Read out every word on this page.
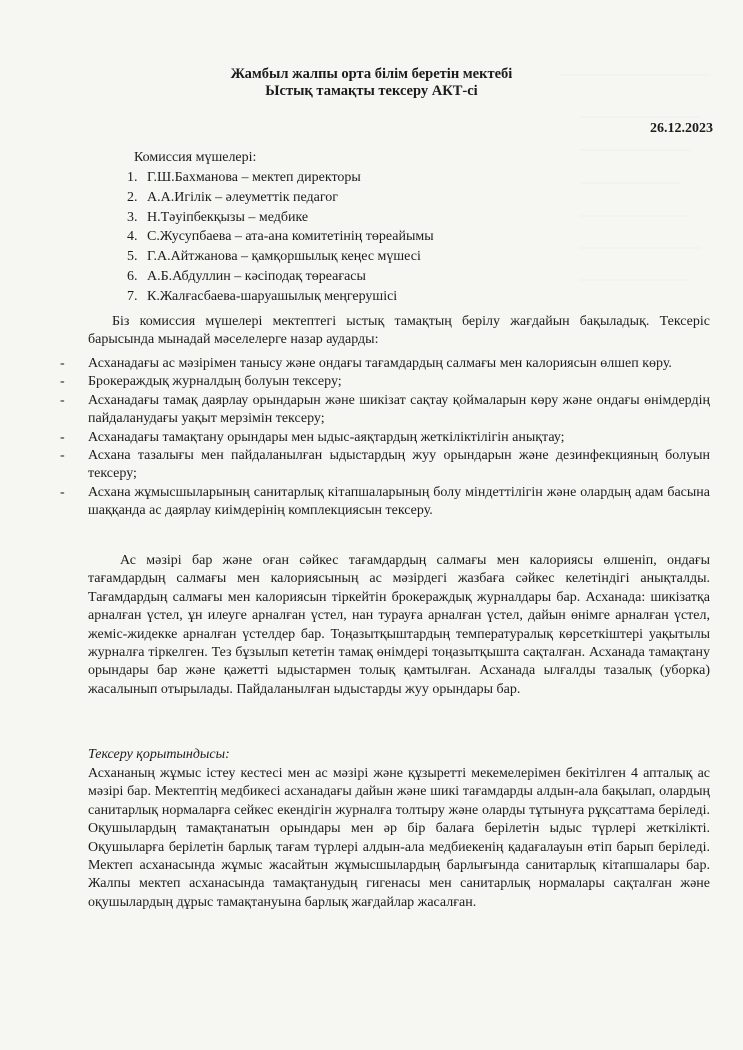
Жамбыл жалпы орта білім беретін мектебі
Ыстық тамақты тексеру АКТ-сі
26.12.2023
Комиссия мүшелері:
1. Г.Ш.Бахманова – мектеп директоры
2. А.А.Игілік – әлеуметтік педагог
3. Н.Тәуіпбекқызы – медбике
4. С.Жусупбаева – ата-ана комитетінің төреайымы
5. Г.А.Айтжанова – қамқоршылық кеңес мүшесі
6. А.Б.Абдуллин – кәсіподақ төреағасы
7. К.Жалғасбаева-шаруашылық меңгерушісі

Біз комиссия мүшелері мектептегі ыстық тамақтың берілу жағдайын бақыладық. Тексеріс барысында мынадай мәселелерге назар аударды:

- Асханадағы ас мәзірімен танысу және ондағы тағамдардың салмағы мен калориясын өлшеп көру.
- Брокераждық журналдың болуын тексеру;
- Асханадағы тамақ даярлау орындарын және шикізат сақтау қоймаларын көру және ондағы өнімдердің пайдаланудағы уақыт мерзімін тексеру;
- Асханадағы тамақтану орындары мен ыдыс-аяқтардың жеткіліктілігін анықтау;
- Асхана тазалығы мен пайдаланылған ыдыстардың жуу орындарын және дезинфекцияның болуын тексеру;
- Асхана жұмысшыларының санитарлық кітапшаларының болу міндеттілігін және олардың адам басына шаққанда ас даярлау киімдерінің комплекциясын тексеру.

Ас мәзірі бар және оған сәйкес тағамдардың салмағы мен калориясы өлшеніп, ондағы тағамдардың салмағы мен калориясының ас мәзірдегі жазбаға сәйкес келетіндігі анықталды. Тағамдардың салмағы мен калориясын тіркейтін брокераждық журналдары бар. Асханада: шикізатқа арналған үстел, ұн илеуге арналған үстел, нан турауға арналған үстел, дайын өнімге арналған үстел, жеміс-жидекке арналған үстелдер бар. Тоңазытқыштардың температуралық көрсеткіштері уақытылы журналға тіркелген. Тез бұзылып кететін тамақ өнімдері тоңазытқышта сақталған. Асханада тамақтану орындары бар және қажетті ыдыстармен толық қамтылған. Асханада ылғалды тазалық (уборка) жасалынып отырылады. Пайдаланылған ыдыстарды жуу орындары бар.

Тексеру қорытындысы:

Асхананың жұмыс істеу кестесі мен ас мәзірі және құзыретті мекемелерімен бекітілген 4 апталық ас мәзірі бар. Мектептің медбикесі асханадағы дайын және шикі тағамдарды алдын-ала бақылап, олардың санитарлық нормаларға сейкес екендігін журналға толтыру және оларды тұтынуға рұқсаттама беріледі. Оқушылардың тамақтанатын орындары мен әр бір балаға берілетін ыдыс түрлері жеткілікті. Оқушыларға берілетін барлық тағам түрлері алдын-ала медбиекенің қадағалауын өтіп барып беріледі. Мектеп асханасында жұмыс жасайтын жұмысшылардың барлығында санитарлық кітапшалары бар. Жалпы мектеп асханасында тамақтанудың гигенасы мен санитарлық нормалары сақталған және оқушылардың дұрыс тамақтануына барлық жағдайлар жасалған.
